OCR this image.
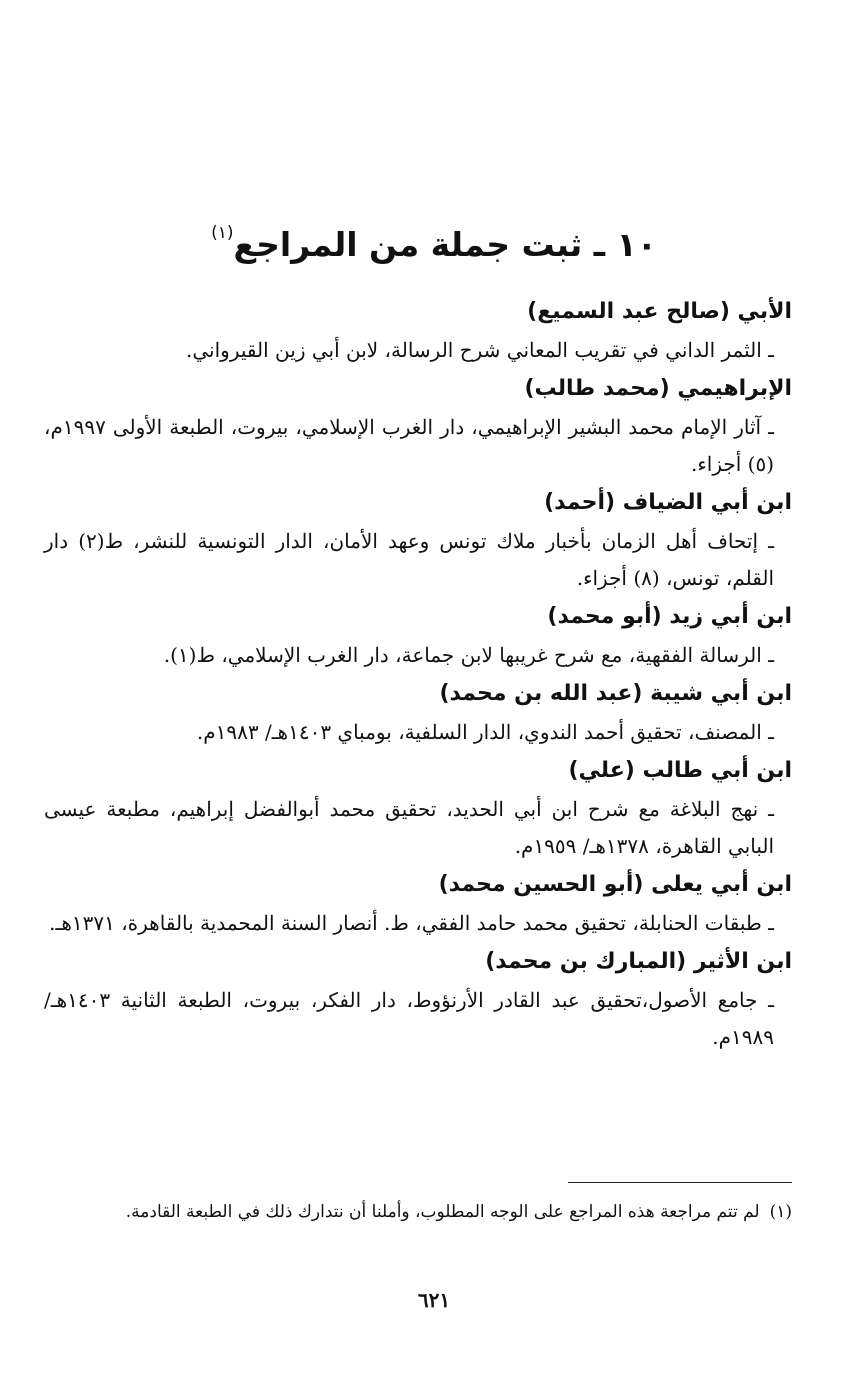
١٠ ـ ثبت جملة من المراجع$^{(١)}$
الأبي (صالح عبد السميع)
ـ الثمر الداني في تقريب المعاني شرح الرسالة، لابن أبي زين القيرواني.
الإبراهيمي (محمد طالب)
ـ آثار الإمام محمد البشير الإبراهيمي، دار الغرب الإسلامي، بيروت، الطبعة الأولى ١٩٩٧م، (٥) أجزاء.
ابن أبي الضياف (أحمد)
ـ إتحاف أهل الزمان بأخبار ملاك تونس وعهد الأمان، الدار التونسية للنشر، ط(٢) دار القلم، تونس، (٨) أجزاء.
ابن أبي زيد (أبو محمد)
ـ الرسالة الفقهية، مع شرح غريبها لابن جماعة، دار الغرب الإسلامي، ط(١).
ابن أبي شيبة (عبد الله بن محمد)
ـ المصنف، تحقيق أحمد الندوي، الدار السلفية، بومباي ١٤٠٣هـ/ ١٩٨٣م.
ابن أبي طالب (علي)
ـ نهج البلاغة مع شرح ابن أبي الحديد، تحقيق محمد أبوالفضل إبراهيم، مطبعة عيسى البابي القاهرة، ١٣٧٨هـ/ ١٩٥٩م.
ابن أبي يعلى (أبو الحسين محمد)
ـ طبقات الحنابلة، تحقيق محمد حامد الفقي، ط. أنصار السنة المحمدية بالقاهرة، ١٣٧١هـ.
ابن الأثير (المبارك بن محمد)
ـ جامع الأصول،تحقيق عبد القادر الأرنؤوط، دار الفكر، بيروت، الطبعة الثانية ١٤٠٣هـ/ ١٩٨٩م.
(١)لم تتم مراجعة هذه المراجع على الوجه المطلوب، وأملنا أن نتدارك ذلك في الطبعة القادمة.
٦٢١
